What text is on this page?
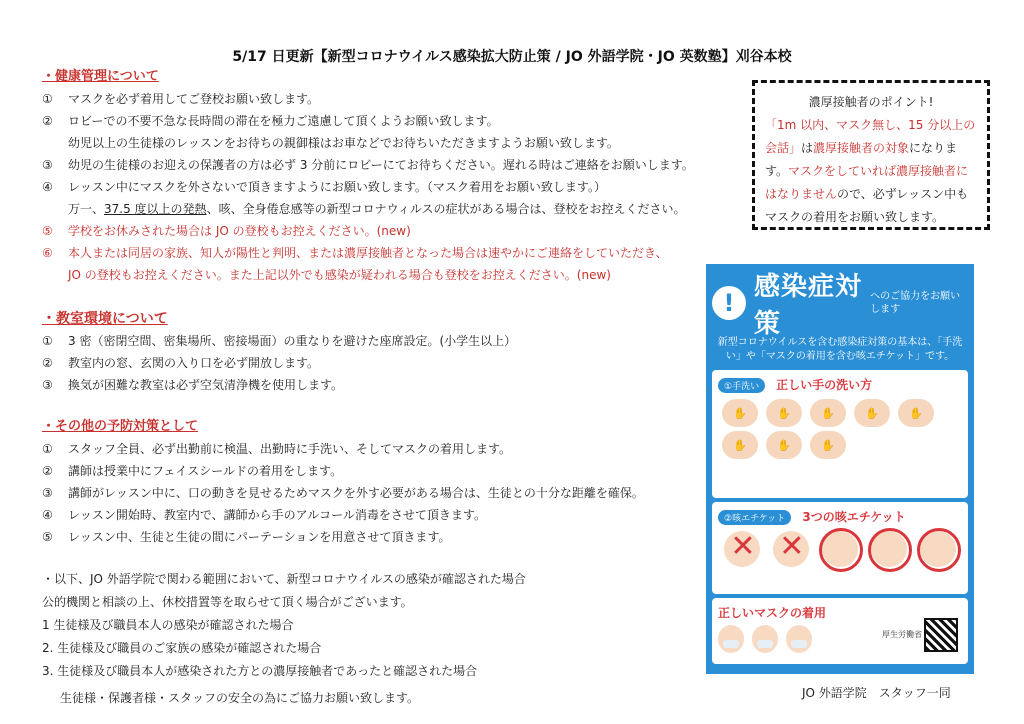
5/17 日更新【新型コロナウイルス感染拡大防止策 / JO 外語学院・JO 英数塾】刈谷本校
・健康管理について
①	マスクを必ず着用してご登校お願い致します。
②	ロビーでの不要不急な長時間の滞在を極力ご遠慮して頂くようお願い致します。
幼児以上の生徒様のレッスンをお待ちの親御様はお車などでお待ちいただきますようお願い致します。
③	幼児の生徒様のお迎えの保護者の方は必ず 3 分前にロビーにてお待ちください。遅れる時はご連絡をお願いします。
④	レッスン中にマスクを外さないで頂きますようにお願い致します。（マスク着用をお願い致します。）
万一、37.5 度以上の発熱、咳、全身倦怠感等の新型コロナウィルスの症状がある場合は、登校をお控えください。
⑤	学校をお休みされた場合は JO の登校もお控えください。(new)
⑥	本人または同居の家族、知人が陽性と判明、または濃厚接触者となった場合は速やかにご連絡をしていただき、
JO の登校もお控えください。また上記以外でも感染が疑われる場合も登校をお控えください。(new)
・教室環境について
①	3 密（密閉空間、密集場所、密接場面）の重なりを避けた座席設定。(小学生以上）
②	教室内の窓、玄関の入り口を必ず開放します。
③	換気が困難な教室は必ず空気清浄機を使用します。
・その他の予防対策として
①	スタッフ全員、必ず出勤前に検温、出勤時に手洗い、そしてマスクの着用します。
②	講師は授業中にフェイスシールドの着用をします。
③	講師がレッスン中に、口の動きを見せるためマスクを外す必要がある場合は、生徒との十分な距離を確保。
④	レッスン開始時、教室内で、講師から手のアルコール消毒をさせて頂きます。
⑤	レッスン中、生徒と生徒の間にパーテーションを用意させて頂きます。
・以下、JO 外語学院で関わる範囲において、新型コロナウイルスの感染が確認された場合
公的機関と相談の上、休校措置等を取らせて頂く場合がございます。
1 生徒様及び職員本人の感染が確認された場合
2. 生徒様及び職員のご家族の感染が確認された場合
3. 生徒様及び職員本人が感染された方との濃厚接触者であったと確認された場合
生徒様・保護者様・スタッフの安全の為にご協力お願い致します。
濃厚接触者のポイント!
「1m 以内、マスク無し、15 分以上の会話」は濃厚接触者の対象になります。マスクをしていれば濃厚接触者にはなりませんので、必ずレッスン中もマスクの着用をお願い致します。
!
感染症対策
へのご協力をお願いします
新型コロナウイルスを含む感染症対策の基本は、「手洗い」や「マスクの着用を含む咳エチケット」です。
①手洗い 正しい手の洗い方
✋	✋	✋	✋	✋
✋	✋	✋
②咳エチケット 3つの咳エチケット
✕
✕
正しいマスクの着用
厚生労働省
JO 外語学院　スタッフ一同
